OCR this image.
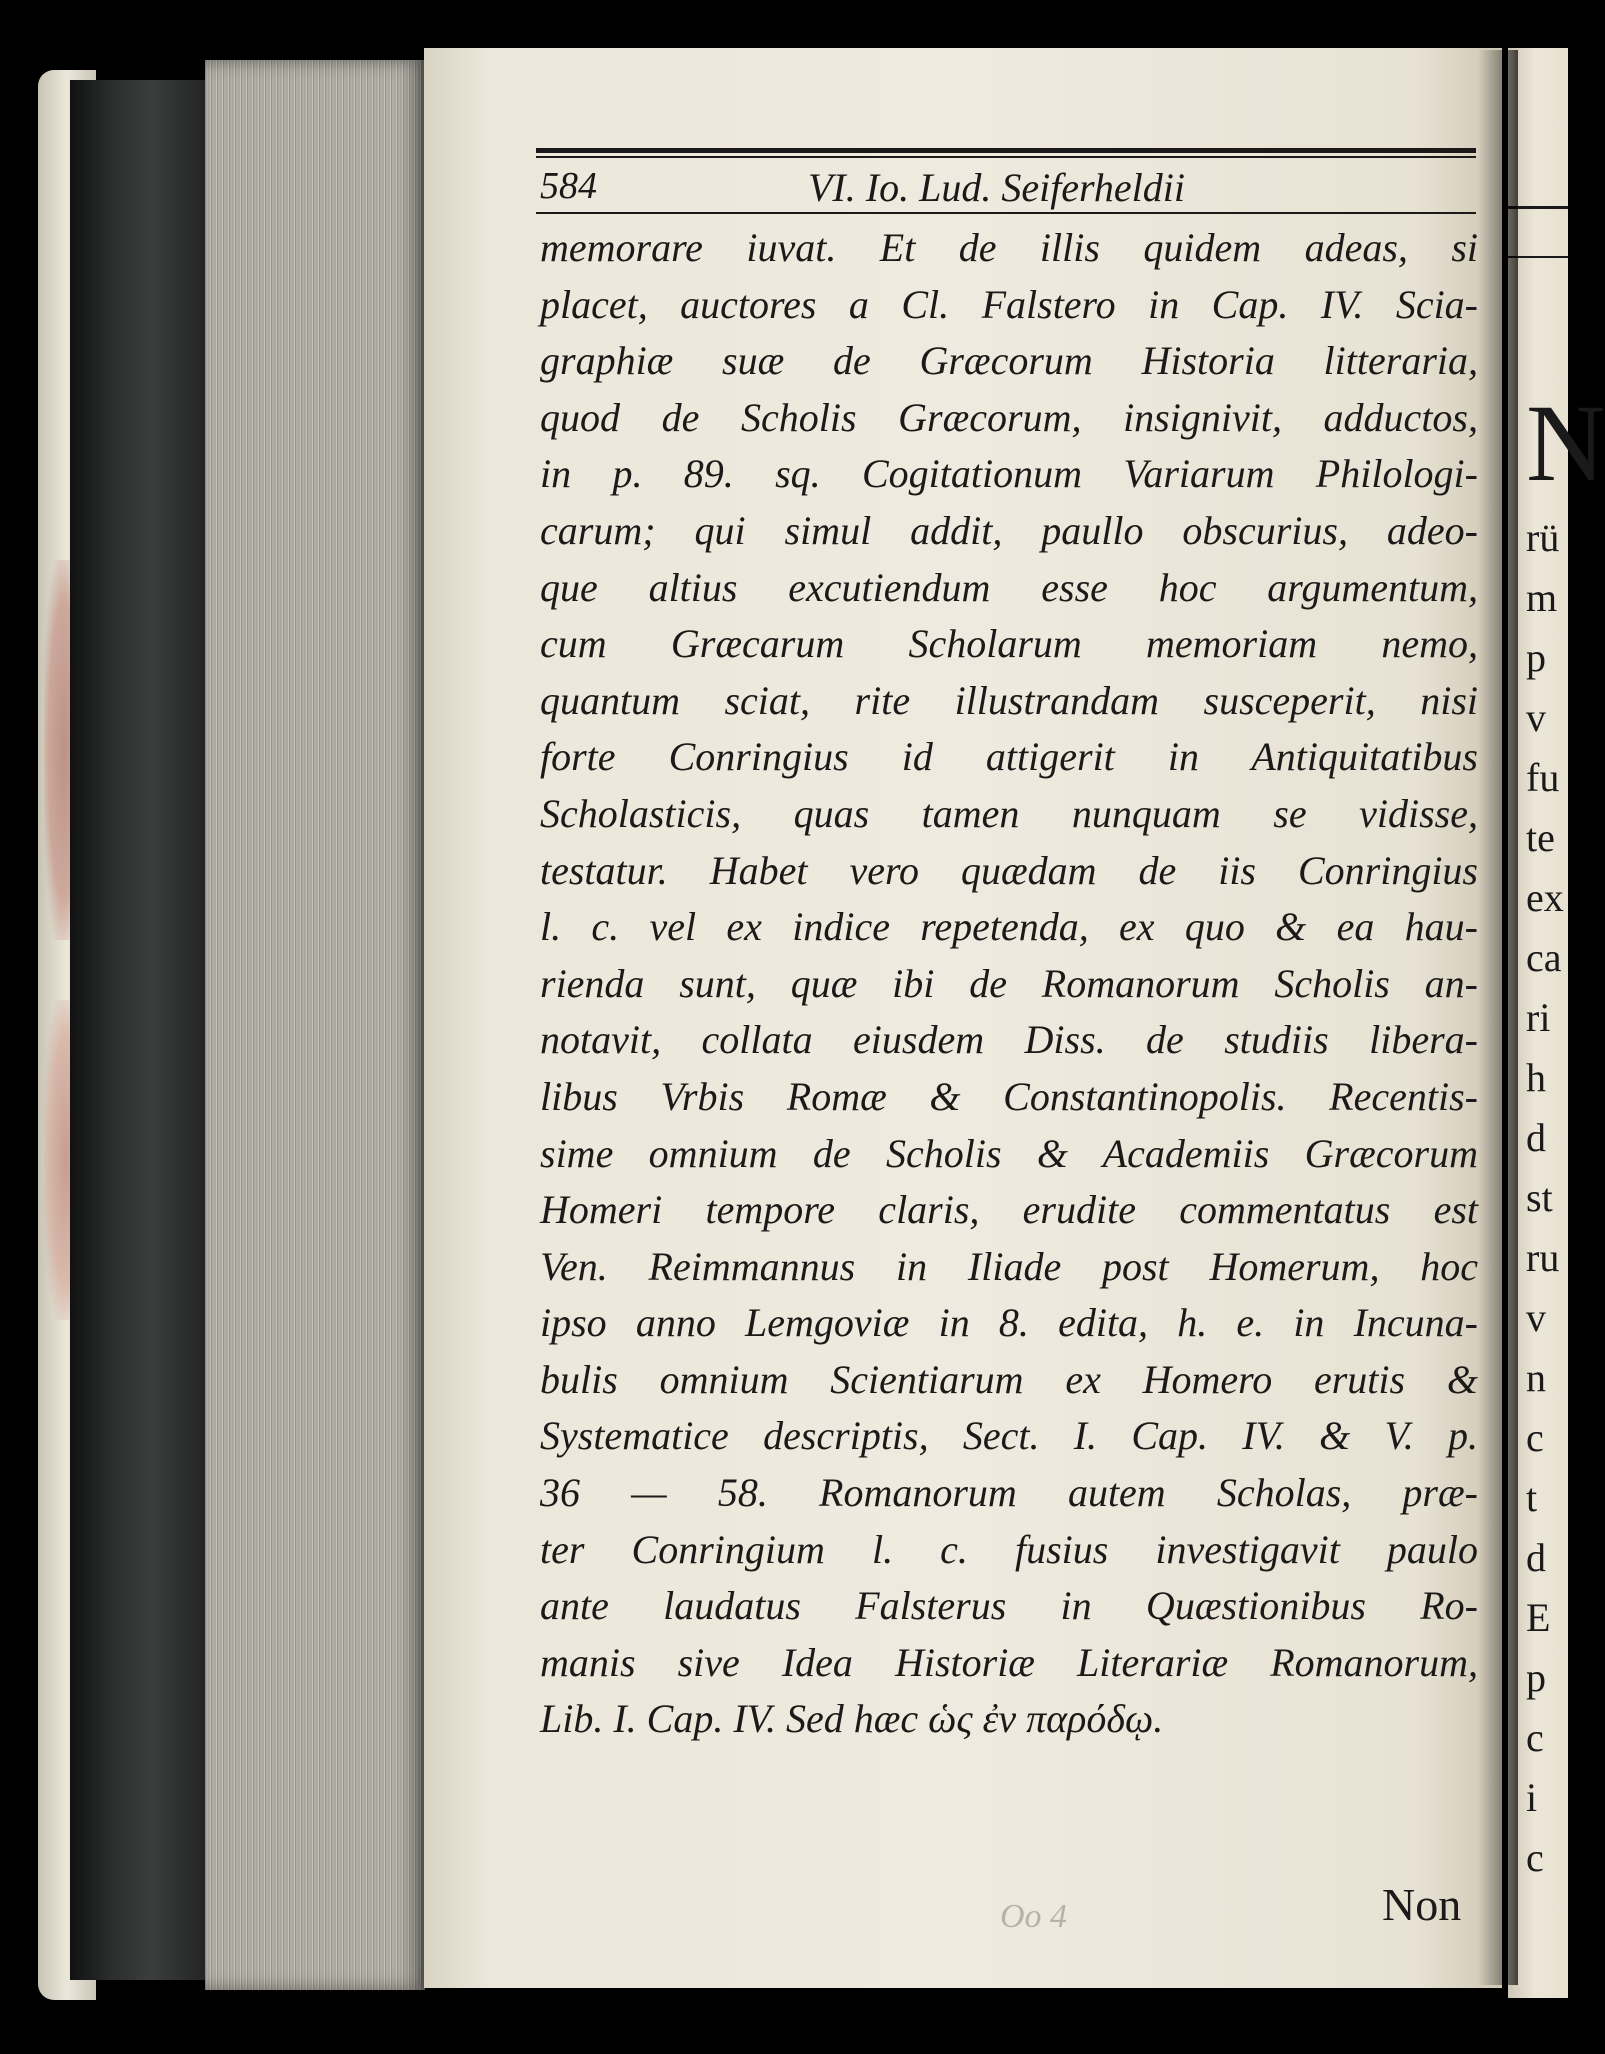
N
rü
m
p
v
fu
te
ex
ca
ri
h
d
st
ru
v
n
c
t
d
E
p
c
i
c
584	VI. Io. Lud. Seiferheldii
memorare iuvat. Et de illis quidem adeas, si
placet, auctores a Cl. Falstero in Cap. IV. Scia-
graphiæ suæ de Græcorum Historia litteraria,
quod de Scholis Græcorum, insignivit, adductos,
in p. 89. sq. Cogitationum Variarum Philologi-
carum; qui simul addit, paullo obscurius, adeo-
que altius excutiendum esse hoc argumentum,
cum Græcarum Scholarum memoriam nemo,
quantum sciat, rite illustrandam susceperit, nisi
forte Conringius id attigerit in Antiquitatibus
Scholasticis, quas tamen nunquam se vidisse,
testatur. Habet vero quædam de iis Conringius
l. c. vel ex indice repetenda, ex quo & ea hau-
rienda sunt, quæ ibi de Romanorum Scholis an-
notavit, collata eiusdem Diss. de studiis libera-
libus Vrbis Romæ & Constantinopolis. Recentis-
sime omnium de Scholis & Academiis Græcorum
Homeri tempore claris, erudite commentatus est
Ven. Reimmannus in Iliade post Homerum, hoc
ipso anno Lemgoviæ in 8. edita, h. e. in Incuna-
bulis omnium Scientiarum ex Homero erutis &
Systematice descriptis, Sect. I. Cap. IV. & V. p.
36 — 58. Romanorum autem Scholas, præ-
ter Conringium l. c. fusius investigavit paulo
ante laudatus Falsterus in Quæstionibus Ro-
manis sive Idea Historiæ Literariæ Romanorum,
Lib. I. Cap. IV. Sed hæc ὡς ἐν παρόδῳ.
Oo 4	Non
